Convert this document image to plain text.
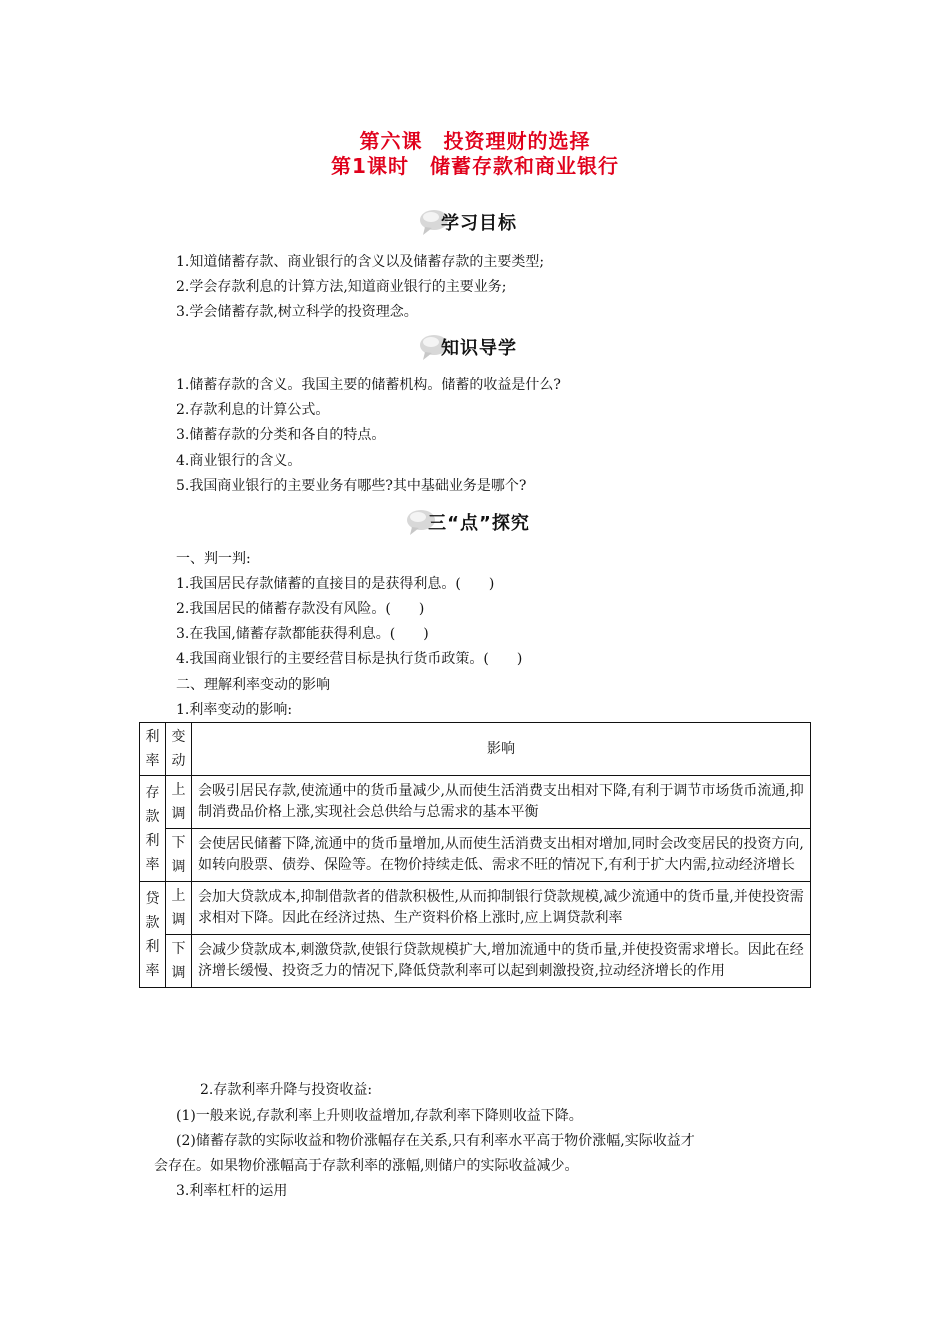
第六课　投资理财的选择
第1课时　储蓄存款和商业银行
学习目标
1.知道储蓄存款、商业银行的含义以及储蓄存款的主要类型;
2.学会存款利息的计算方法,知道商业银行的主要业务;
3.学会储蓄存款,树立科学的投资理念。
知识导学
1.储蓄存款的含义。我国主要的储蓄机构。储蓄的收益是什么?
2.存款利息的计算公式。
3.储蓄存款的分类和各自的特点。
4.商业银行的含义。
5.我国商业银行的主要业务有哪些?其中基础业务是哪个?
三“点”探究
一、判一判:
1.我国居民存款储蓄的直接目的是获得利息。(　　)
2.我国居民的储蓄存款没有风险。(　　)
3.在我国,储蓄存款都能获得利息。(　　)
4.我国商业银行的主要经营目标是执行货币政策。(　　)
二、理解利率变动的影响
1.利率变动的影响:
利率	变动	影响
存款利率	上调	会吸引居民存款,使流通中的货币量减少,从而使生活消费支出相对下降,有利于调节市场货币流通,抑制消费品价格上涨,实现社会总供给与总需求的基本平衡
	下调	会使居民储蓄下降,流通中的货币量增加,从而使生活消费支出相对增加,同时会改变居民的投资方向,如转向股票、债券、保险等。在物价持续走低、需求不旺的情况下,有利于扩大内需,拉动经济增长
贷款利率	上调	会加大贷款成本,抑制借款者的借款积极性,从而抑制银行贷款规模,减少流通中的货币量,并使投资需求相对下降。因此在经济过热、生产资料价格上涨时,应上调贷款利率
	下调	会减少贷款成本,刺激贷款,使银行贷款规模扩大,增加流通中的货币量,并使投资需求增长。因此在经济增长缓慢、投资乏力的情况下,降低贷款利率可以起到刺激投资,拉动经济增长的作用
2.存款利率升降与投资收益:
(1)一般来说,存款利率上升则收益增加,存款利率下降则收益下降。
(2)储蓄存款的实际收益和物价涨幅存在关系,只有利率水平高于物价涨幅,实际收益才
会存在。如果物价涨幅高于存款利率的涨幅,则储户的实际收益减少。
3.利率杠杆的运用
